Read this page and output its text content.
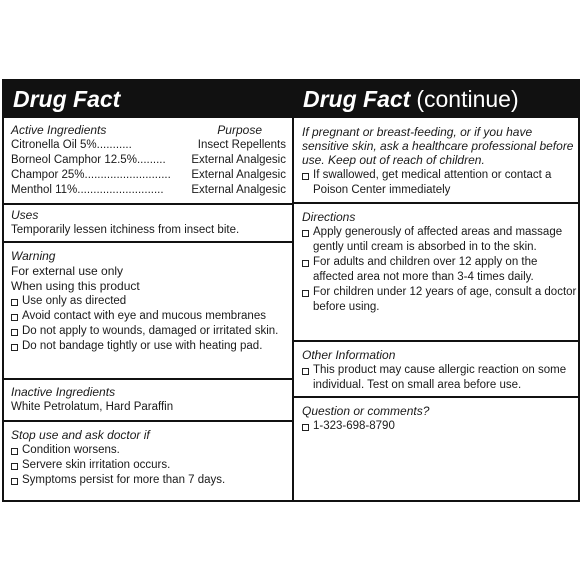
Drug Fact	Drug Fact (continue)
Active Ingredients	Purpose
Citronella Oil 5%...........	Insect Repellents
Borneol Camphor 12.5%......... External Analgesic
Champor 25%........................... External Analgesic
Menthol 11%........................... External Analgesic
Uses
Temporarily lessen itchiness from insect bite.
Warning
For external use only
When using this product
Use only as directed
Avoid contact with eye and mucous membranes
Do not apply to wounds, damaged or irritated skin.
Do not bandage tightly or use with heating pad.
Inactive Ingredients
White Petrolatum, Hard Paraffin
Stop use and ask doctor if
Condition worsens.
Servere skin irritation occurs.
Symptoms persist for more than 7 days.
If pregnant or breast-feeding, or if you have sensitive skin, ask a healthcare professional before use. Keep out of reach of children.
If swallowed, get medical attention or contact a Poison Center immediately
Directions
Apply generously of affected areas and massage gently until cream is absorbed in to the skin.
For adults and children over 12 apply on the affected area not more than 3-4 times daily.
For children under 12 years of age, consult a doctor before using.
Other Information
This product may cause allergic reaction on some individual. Test on small area before use.
Question or comments?
1-323-698-8790
